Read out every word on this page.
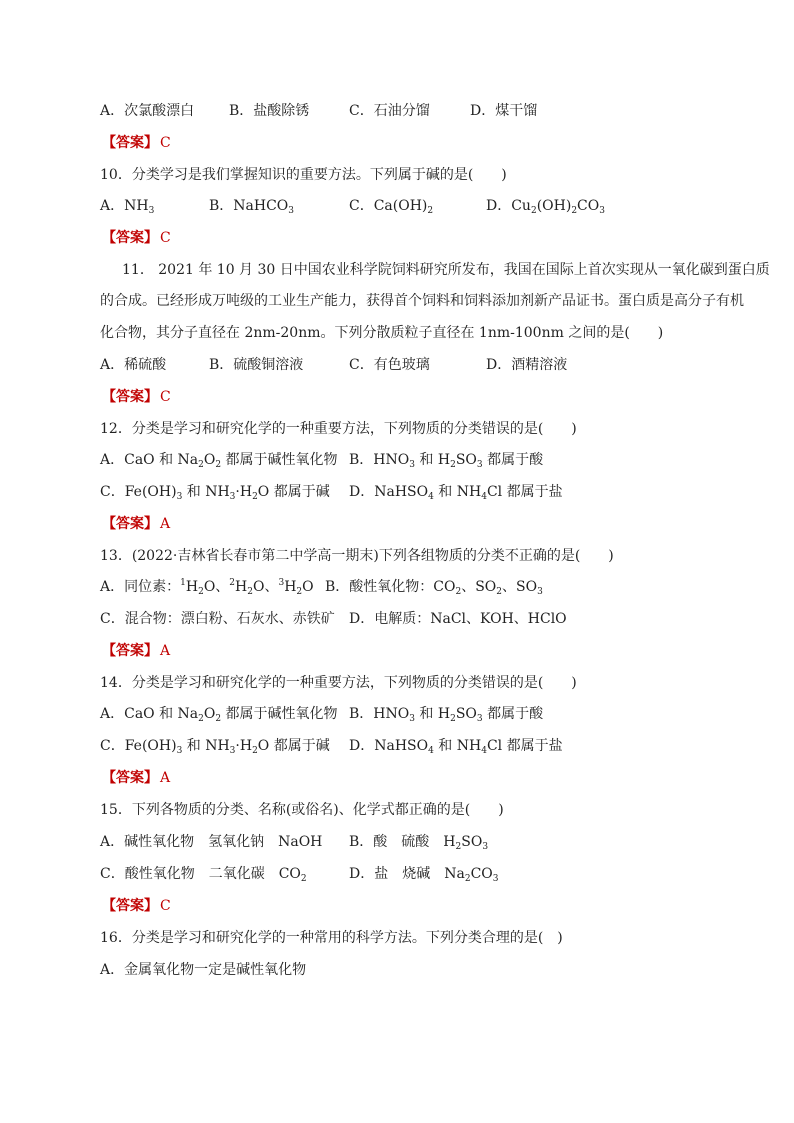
A．次氯酸漂白 B．盐酸除锈	C．石油分馏	D．煤干馏
【答案】 C
10．分类学习是我们掌握知识的重要方法。下列属于碱的是(　　)
A．$NH_3$	B．NaHCO$_3$	C．$Ca(OH)_2$	D．$Cu_2(OH)_2CO_3$
【答案】 C
11． 2021 年 10 月 30 日中国农业科学院饲料研究所发布，我国在国际上首次实现从一氧化碳到蛋白质
的合成。已经形成万吨级的工业生产能力，获得首个饲料和饲料添加剂新产品证书。蛋白质是高分子有机
化合物，其分子直径在 2nm-20nm。下列分散质粒子直径在 1nm-100nm 之间的是(　　)
A．稀硫酸	B．硫酸铜溶液	C．有色玻璃	D．酒精溶液
【答案】 C
12．分类是学习和研究化学的一种重要方法，下列物质的分类错误的是(　　)
A．CaO 和 $Na_2O_2$ 都属于碱性氧化物 B．$HNO_3$ 和 $H_2SO_3$ 都属于酸
C．$Fe(OH)_3$ 和 $NH_3\cdot H_2O$ 都属于碱 D．NaHSO$_4$ 和 $NH_4Cl$ 都属于盐
【答案】 A
13．(2022·吉林省长春市第二中学高一期末)下列各组物质的分类不正确的是(　　)
A．同位素：$^1H_2O$、$^2H_2O$、$^3H_2O$ B．酸性氧化物：$CO_2$、$SO_2$、$SO_3$
C．混合物：漂白粉、石灰水、赤铁矿 D．电解质：NaCl、KOH、HClO
【答案】 A
14．分类是学习和研究化学的一种重要方法，下列物质的分类错误的是(　　)
A．CaO 和 $Na_2O_2$ 都属于碱性氧化物 B．$HNO_3$ 和 $H_2SO_3$ 都属于酸
C．$Fe(OH)_3$ 和 $NH_3\cdot H_2O$ 都属于碱 D．NaHSO$_4$ 和 $NH_4Cl$ 都属于盐
【答案】 A
15．下列各物质的分类、名称(或俗名)、化学式都正确的是(　　)
A．碱性氧化物　氢氧化钠　NaOH B．酸　硫酸　$H_2SO_3$
C．酸性氧化物　二氧化碳　$CO_2$	D．盐　烧碱　$Na_2CO_3$
【答案】 C
16．分类是学习和研究化学的一种常用的科学方法。下列分类合理的是(　)
A．金属氧化物一定是碱性氧化物
